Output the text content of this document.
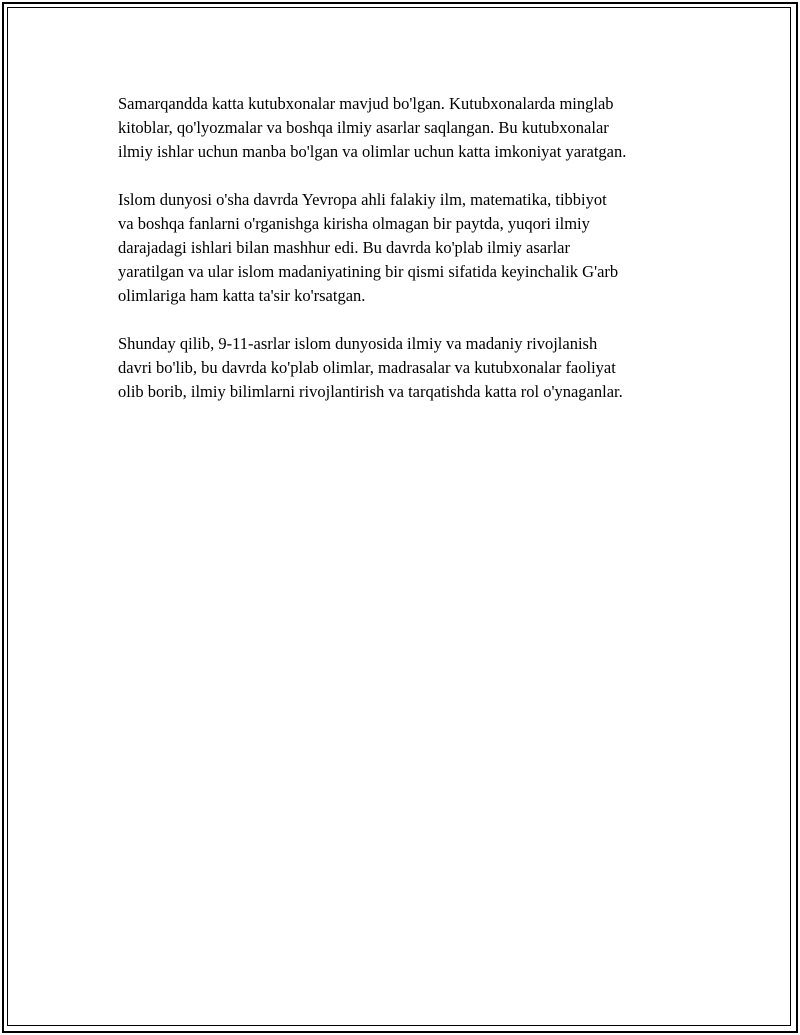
Samarqandda katta kutubxonalar mavjud bo'lgan. Kutubxonalarda minglab
kitoblar, qo'lyozmalar va boshqa ilmiy asarlar saqlangan. Bu kutubxonalar
ilmiy ishlar uchun manba bo'lgan va olimlar uchun katta imkoniyat yaratgan.

Islom dunyosi o'sha davrda Yevropa ahli falakiy ilm, matematika, tibbiyot
va boshqa fanlarni o'rganishga kirisha olmagan bir paytda, yuqori ilmiy
darajadagi ishlari bilan mashhur edi. Bu davrda ko'plab ilmiy asarlar
yaratilgan va ular islom madaniyatining bir qismi sifatida keyinchalik G'arb
olimlariga ham katta ta'sir ko'rsatgan.

Shunday qilib, 9-11-asrlar islom dunyosida ilmiy va madaniy rivojlanish
davri bo'lib, bu davrda ko'plab olimlar, madrasalar va kutubxonalar faoliyat
olib borib, ilmiy bilimlarni rivojlantirish va tarqatishda katta rol o'ynaganlar.
